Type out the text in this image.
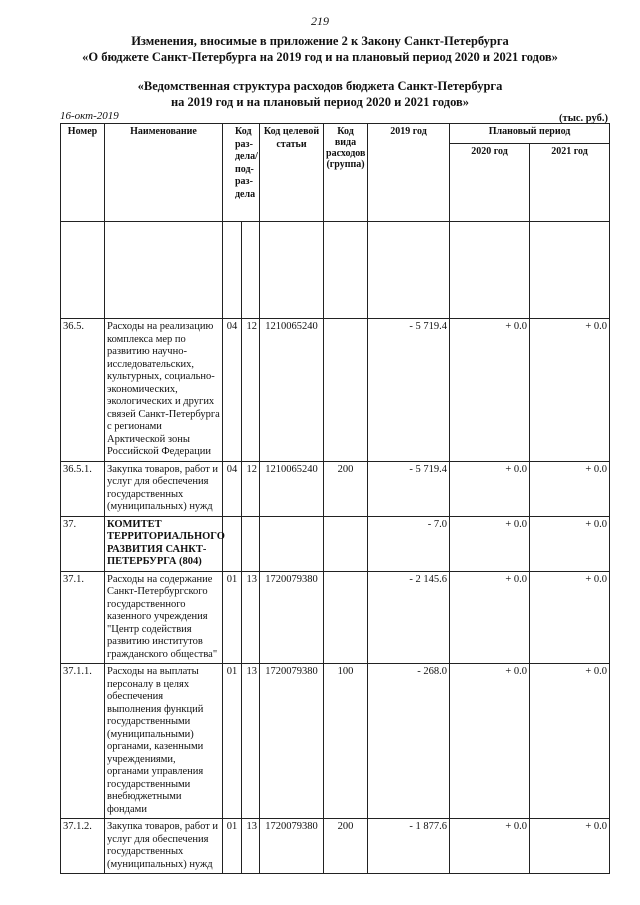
219
Изменения, вносимые в приложение 2 к Закону Санкт-Петербурга
«О бюджете Санкт-Петербурга на 2019 год и на плановый период 2020 и 2021 годов»
«Ведомственная структура расходов бюджета Санкт-Петербурга
на 2019 год и на плановый период 2020 и 2021 годов»
16-окт-2019	(тыс. руб.)
Номер	Наименование	Код раз- дела/ под- раз- дела		Код целевой статьи	Код вида расходов (группа)	2019 год	Плановый период	
							2020 год	2021 год

36.5.	Расходы на реализацию комплекса мер по развитию научно-исследовательских, культурных, социально-экономических, экологических и других связей Санкт-Петербурга с регионами Арктической зоны Российской Федерации	04	12	1210065240		- 5 719.4	+ 0.0	+ 0.0
36.5.1.	Закупка товаров, работ и услуг для обеспечения государственных (муниципальных) нужд	04	12	1210065240	200	- 5 719.4	+ 0.0	+ 0.0
37.	КОМИТЕТ ТЕРРИТОРИАЛЬНОГО РАЗВИТИЯ САНКТ-ПЕТЕРБУРГА (804)					- 7.0	+ 0.0	+ 0.0
37.1.	Расходы на содержание Санкт-Петербургского государственного казенного учреждения "Центр содействия развитию институтов гражданского общества"	01	13	1720079380		- 2 145.6	+ 0.0	+ 0.0
37.1.1.	Расходы на выплаты персоналу в целях обеспечения выполнения функций государственными (муниципальными) органами, казенными учреждениями, органами управления государственными внебюджетными фондами	01	13	1720079380	100	- 268.0	+ 0.0	+ 0.0
37.1.2.	Закупка товаров, работ и услуг для обеспечения государственных (муниципальных) нужд	01	13	1720079380	200	- 1 877.6	+ 0.0	+ 0.0
